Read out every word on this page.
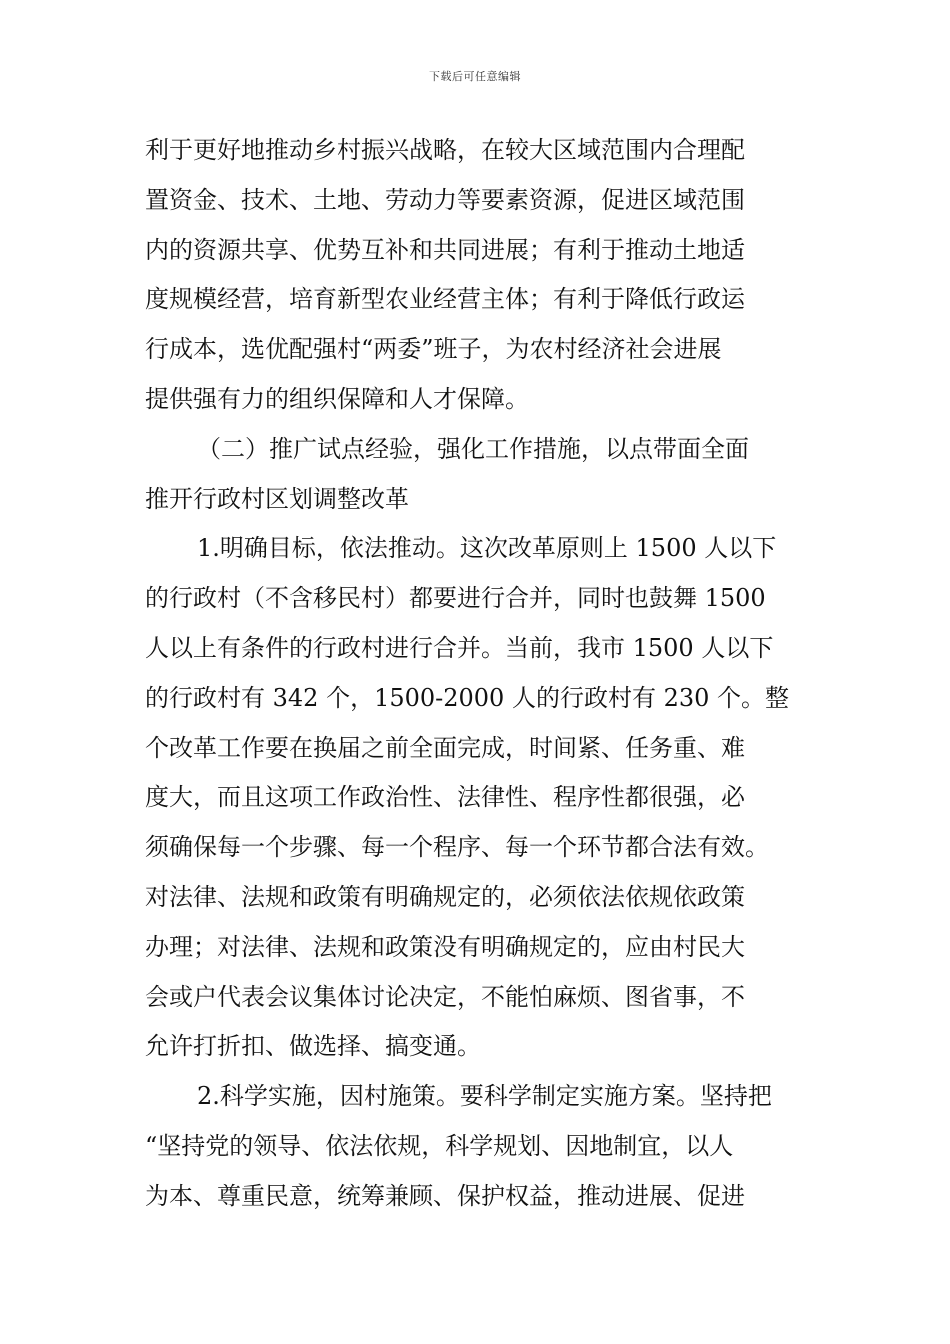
下载后可任意编辑
利于更好地推动乡村振兴战略，在较大区域范围内合理配
置资金、技术、土地、劳动力等要素资源，促进区域范围
内的资源共享、优势互补和共同进展；有利于推动土地适
度规模经营，培育新型农业经营主体；有利于降低行政运
行成本，选优配强村“两委”班子，为农村经济社会进展
提供强有力的组织保障和人才保障。
（二）推广试点经验，强化工作措施，以点带面全面
推开行政村区划调整改革
1.明确目标，依法推动。这次改革原则上 1500 人以下
的行政村（不含移民村）都要进行合并，同时也鼓舞 1500
人以上有条件的行政村进行合并。当前，我市 1500 人以下
的行政村有 342 个，1500-2000 人的行政村有 230 个。整
个改革工作要在换届之前全面完成，时间紧、任务重、难
度大，而且这项工作政治性、法律性、程序性都很强，必
须确保每一个步骤、每一个程序、每一个环节都合法有效。
对法律、法规和政策有明确规定的，必须依法依规依政策
办理；对法律、法规和政策没有明确规定的，应由村民大
会或户代表会议集体讨论决定，不能怕麻烦、图省事，不
允许打折扣、做选择、搞变通。
2.科学实施，因村施策。要科学制定实施方案。坚持把
“坚持党的领导、依法依规，科学规划、因地制宜，以人
为本、尊重民意，统筹兼顾、保护权益，推动进展、促进
